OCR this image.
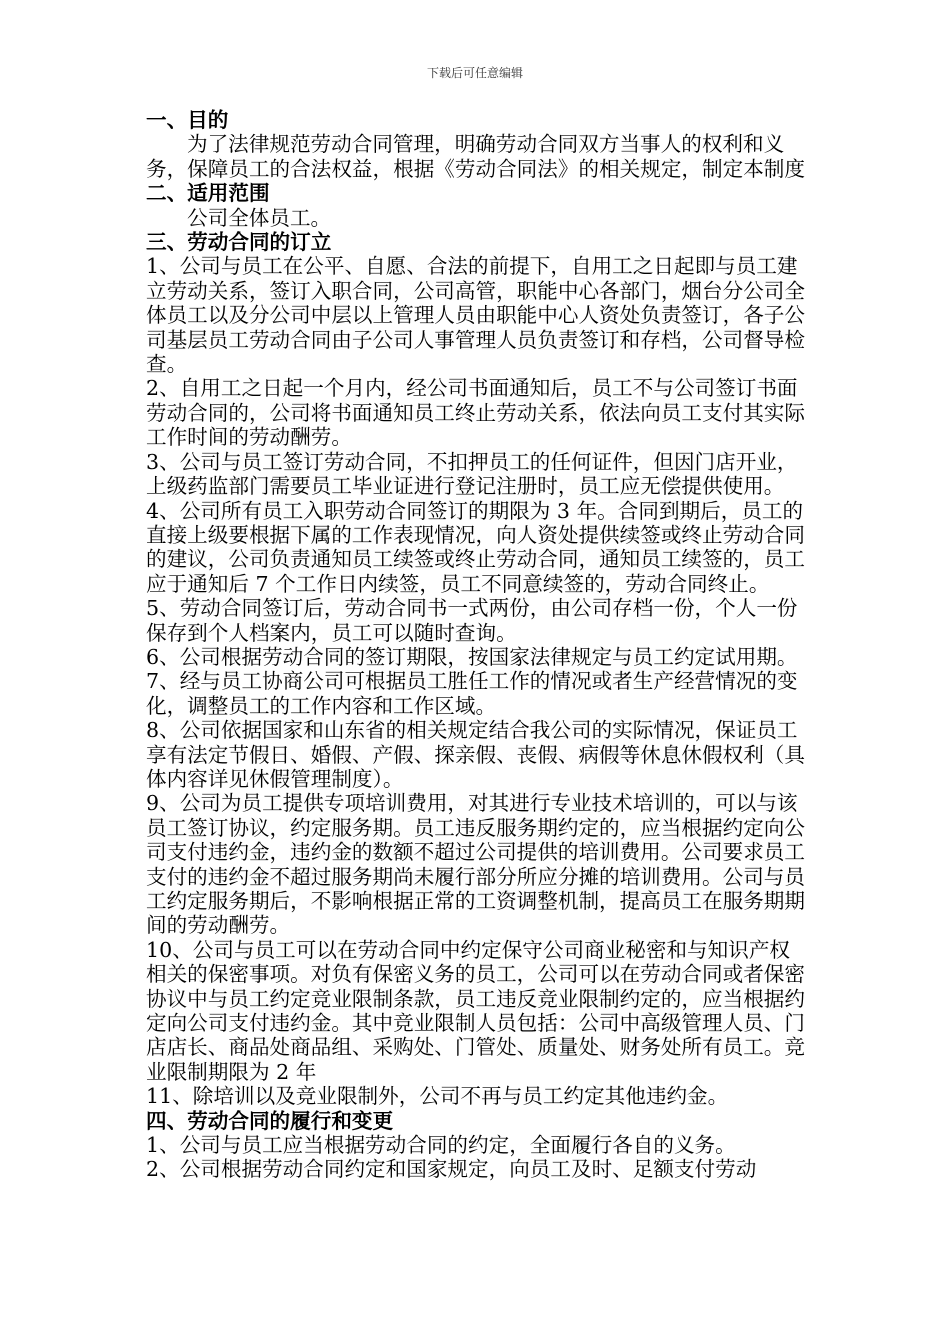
下载后可任意编辑

一、目的

为了法律规范劳动合同管理，明确劳动合同双方当事人的权利和义务，保障员工的合法权益，根据《劳动合同法》的相关规定，制定本制度

二、适用范围

公司全体员工。

三、劳动合同的订立

1、公司与员工在公平、自愿、合法的前提下，自用工之日起即与员工建立劳动关系，签订入职合同，公司高管，职能中心各部门，烟台分公司全体员工以及分公司中层以上管理人员由职能中心人资处负责签订，各子公司基层员工劳动合同由子公司人事管理人员负责签订和存档，公司督导检查。

2、自用工之日起一个月内，经公司书面通知后，员工不与公司签订书面劳动合同的，公司将书面通知员工终止劳动关系，依法向员工支付其实际工作时间的劳动酬劳。

3、公司与员工签订劳动合同，不扣押员工的任何证件，但因门店开业，上级药监部门需要员工毕业证进行登记注册时，员工应无偿提供使用。

4、公司所有员工入职劳动合同签订的期限为 3 年。合同到期后，员工的直接上级要根据下属的工作表现情况，向人资处提供续签或终止劳动合同的建议，公司负责通知员工续签或终止劳动合同，通知员工续签的，员工应于通知后 7 个工作日内续签，员工不同意续签的，劳动合同终止。

5、劳动合同签订后，劳动合同书一式两份，由公司存档一份，个人一份保存到个人档案内，员工可以随时查询。

6、公司根据劳动合同的签订期限，按国家法律规定与员工约定试用期。

7、经与员工协商公司可根据员工胜任工作的情况或者生产经营情况的变化，调整员工的工作内容和工作区域。

8、公司依据国家和山东省的相关规定结合我公司的实际情况，保证员工享有法定节假日、婚假、产假、探亲假、丧假、病假等休息休假权利（具体内容详见休假管理制度）。

9、公司为员工提供专项培训费用，对其进行专业技术培训的，可以与该员工签订协议，约定服务期。员工违反服务期约定的，应当根据约定向公司支付违约金，违约金的数额不超过公司提供的培训费用。公司要求员工支付的违约金不超过服务期尚未履行部分所应分摊的培训费用。公司与员工约定服务期后，不影响根据正常的工资调整机制，提高员工在服务期期间的劳动酬劳。

10、公司与员工可以在劳动合同中约定保守公司商业秘密和与知识产权相关的保密事项。对负有保密义务的员工，公司可以在劳动合同或者保密协议中与员工约定竞业限制条款，员工违反竞业限制约定的，应当根据约定向公司支付违约金。其中竞业限制人员包括：公司中高级管理人员、门店店长、商品处商品组、采购处、门管处、质量处、财务处所有员工。竞业限制期限为 2 年

11、除培训以及竞业限制外，公司不再与员工约定其他违约金。

四、劳动合同的履行和变更

1、公司与员工应当根据劳动合同的约定，全面履行各自的义务。

2、公司根据劳动合同约定和国家规定，向员工及时、足额支付劳动
